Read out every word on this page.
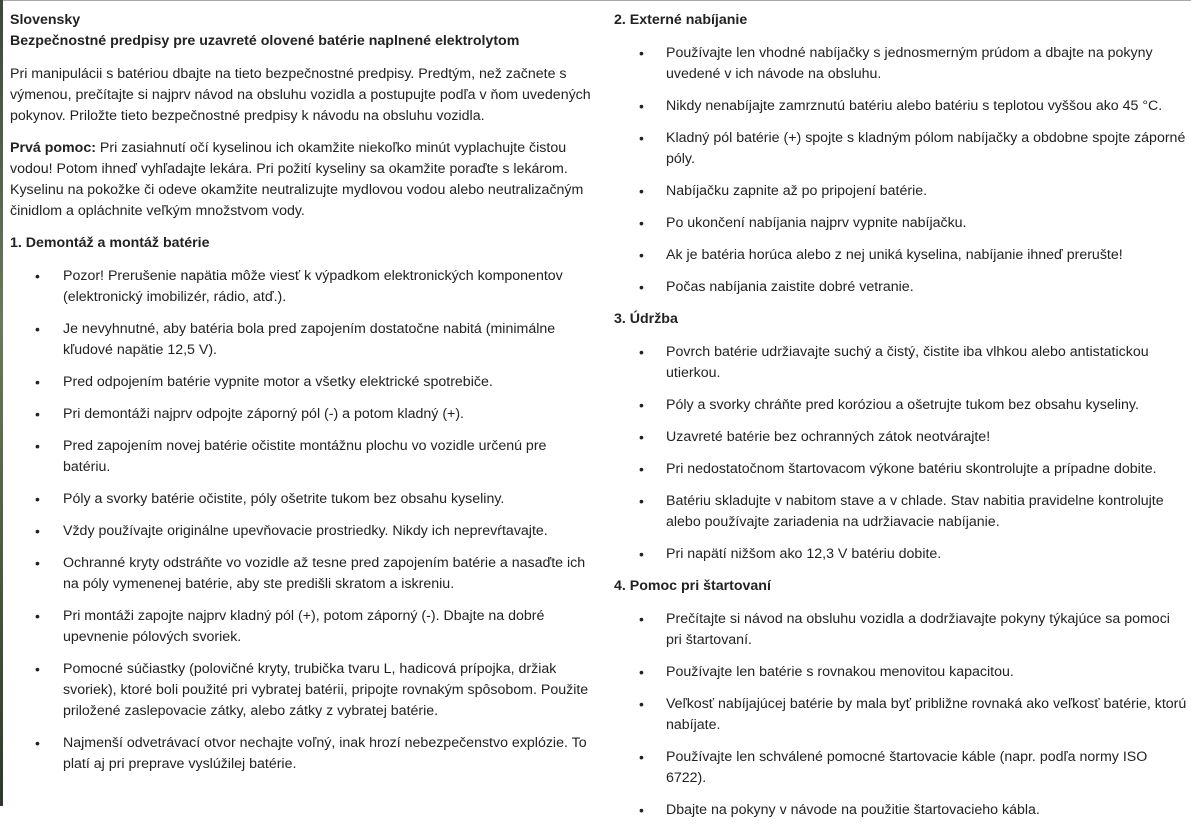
Slovensky
Bezpečnostné predpisy pre uzavreté olovené batérie naplnené elektrolytom

Pri manipulácii s batériou dbajte na tieto bezpečnostné predpisy. Predtým, než začnete s výmenou, prečítajte si najprv návod na obsluhu vozidla a postupujte podľa v ňom uvedených pokynov. Priložte tieto bezpečnostné predpisy k návodu na obsluhu vozidla.

Prvá pomoc: Pri zasiahnutí očí kyselinou ich okamžite niekoľko minút vyplachujte čistou vodou! Potom ihneď vyhľadajte lekára. Pri požití kyseliny sa okamžite poraďte s lekárom. Kyselinu na pokožke či odeve okamžite neutralizujte mydlovou vodou alebo neutralizačným činidlom a opláchnite veľkým množstvom vody.

1. Demontáž a montáž batérie
• Pozor! Prerušenie napätia môže viesť k výpadkom elektronických komponentov (elektronický imobilizér, rádio, atď.).
• Je nevyhnutné, aby batéria bola pred zapojením dostatočne nabitá (minimálne kľudové napätie 12,5 V).
• Pred odpojením batérie vypnite motor a všetky elektrické spotrebiče.
• Pri demontáži najprv odpojte záporný pól (-) a potom kladný (+).
• Pred zapojením novej batérie očistite montážnu plochu vo vozidle určenú pre batériu.
• Póly a svorky batérie očistite, póly ošetrite tukom bez obsahu kyseliny.
• Vždy používajte originálne upevňovacie prostriedky. Nikdy ich neprevŕtavajte.
• Ochranné kryty odstráňte vo vozidle až tesne pred zapojením batérie a nasaďte ich na póly vymenenej batérie, aby ste predišli skratom a iskreniu.
• Pri montáži zapojte najprv kladný pól (+), potom záporný (-). Dbajte na dobré upevnenie pólových svoriek.
• Pomocné súčiastky (polovičné kryty, trubička tvaru L, hadicová prípojka, držiak svoriek), ktoré boli použité pri vybratej batérii, pripojte rovnakým spôsobom. Použite priložené zaslepovacie zátky, alebo zátky z vybratej batérie.
• Najmenší odvetrávací otvor nechajte voľný, inak hrozí nebezpečenstvo explózie. To platí aj pri preprave vyslúžilej batérie.
2. Externé nabíjanie
• Používajte len vhodné nabíjačky s jednosmerným prúdom a dbajte na pokyny uvedené v ich návode na obsluhu.
• Nikdy nenabíjajte zamrznutú batériu alebo batériu s teplotou vyššou ako 45 °C.
• Kladný pól batérie (+) spojte s kladným pólom nabíjačky a obdobne spojte záporné póly.
• Nabíjačku zapnite až po pripojení batérie.
• Po ukončení nabíjania najprv vypnite nabíjačku.
• Ak je batéria horúca alebo z nej uniká kyselina, nabíjanie ihneď prerušte!
• Počas nabíjania zaistite dobré vetranie.
3. Údržba
• Povrch batérie udržiavajte suchý a čistý, čistite iba vlhkou alebo antistatickou utierkou.
• Póly a svorky chráňte pred koróziou a ošetrujte tukom bez obsahu kyseliny.
• Uzavreté batérie bez ochranných zátok neotvárajte!
• Pri nedostatočnom štartovacom výkone batériu skontrolujte a prípadne dobite.
• Batériu skladujte v nabitom stave a v chlade. Stav nabitia pravidelne kontrolujte alebo používajte zariadenia na udržiavacie nabíjanie.
• Pri napätí nižšom ako 12,3 V batériu dobite.
4. Pomoc pri štartovaní
• Prečítajte si návod na obsluhu vozidla a dodržiavajte pokyny týkajúce sa pomoci pri štartovaní.
• Používajte len batérie s rovnakou menovitou kapacitou.
• Veľkosť nabíjajúcej batérie by mala byť približne rovnaká ako veľkosť batérie, ktorú nabíjate.
• Používajte len schválené pomocné štartovacie káble (napr. podľa normy ISO 6722).
• Dbajte na pokyny v návode na použitie štartovacieho kábla.
